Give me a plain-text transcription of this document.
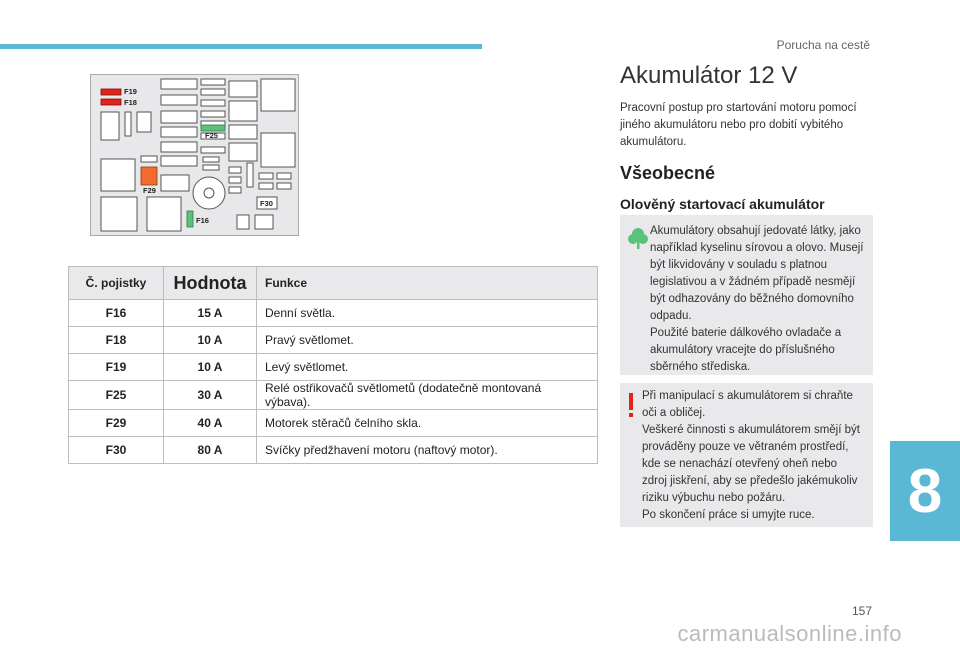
Porucha na cestě
F19
F18
F25
F29
F30
F16
Č. pojistky	Hodnota	Funkce
F16	15 A	Denní světla.
F18	10 A	Pravý světlomet.
F19	10 A	Levý světlomet.
F25	30 A	Relé ostřikovačů světlometů (dodatečně montovaná výbava).
F29	40 A	Motorek stěračů čelního skla.
F30	80 A	Svíčky předžhavení motoru (naftový motor).
Akumulátor 12 V
Pracovní postup pro startování motoru pomocí jiného akumulátoru nebo pro dobití vybitého akumulátoru.
Všeobecné
Olověný startovací akumulátor
Akumulátory obsahují jedovaté látky, jako například kyselinu sírovou a olovo. Musejí být likvidovány v souladu s platnou legislativou a v žádném případě nesmějí být odhazovány do běžného domovního odpadu.
Použité baterie dálkového ovladače a akumulátory vracejte do příslušného sběrného střediska.
Při manipulací s akumulátorem si chraňte oči a obličej.
Veškeré činnosti s akumulátorem smějí být prováděny pouze ve větraném prostředí, kde se nenachází otevřený oheň nebo zdroj jiskření, aby se předešlo jakémukoliv riziku výbuchu nebo požáru.
Po skončení práce si umyjte ruce.	8
157
carmanualsonline.info
